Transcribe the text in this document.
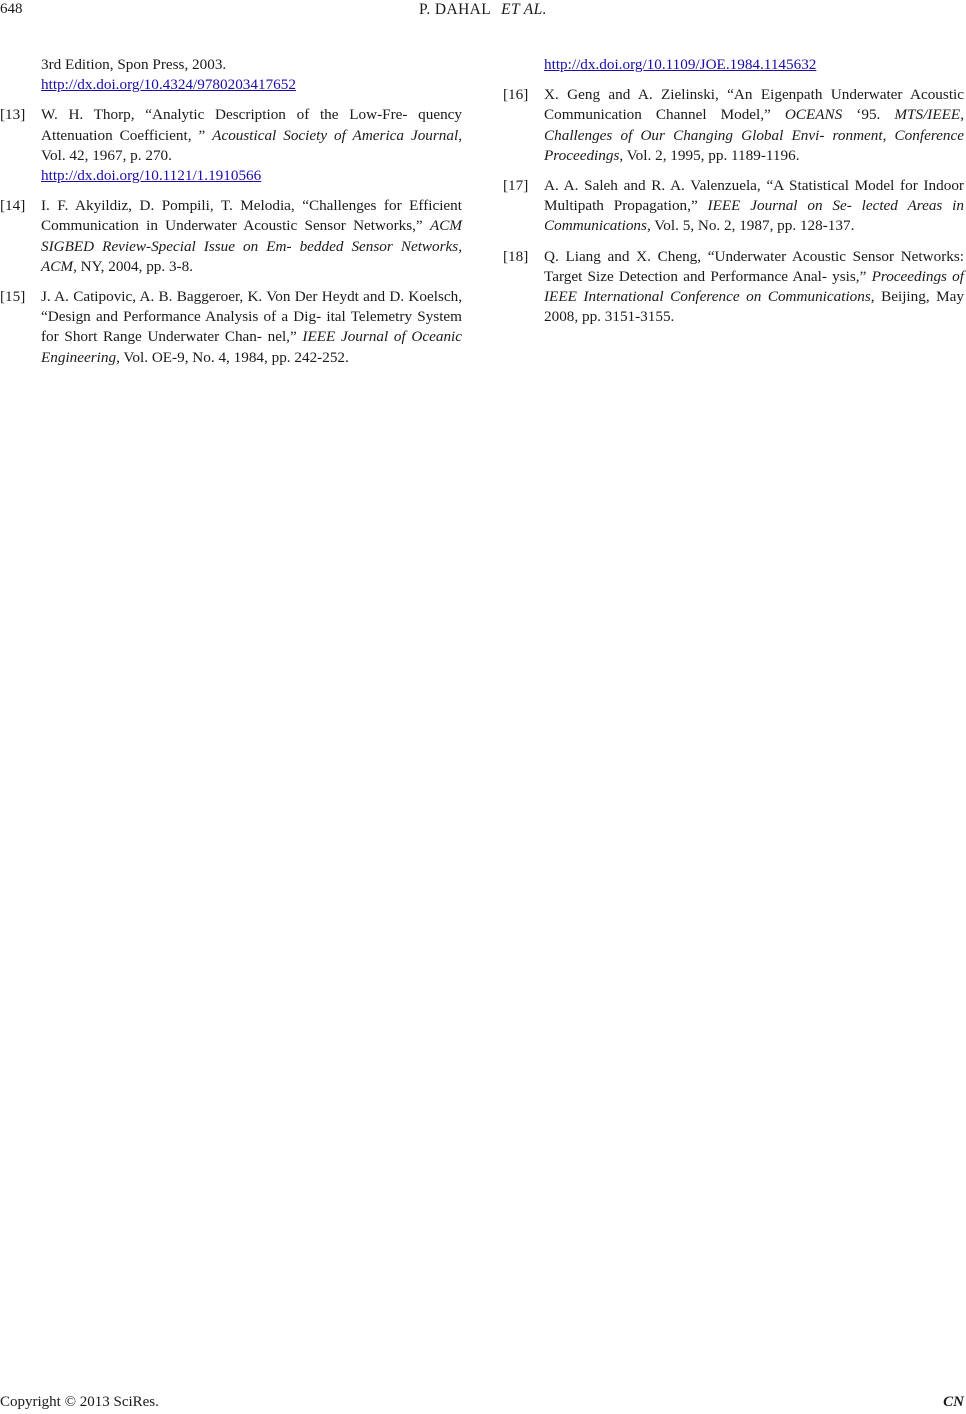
648	P. DAHAL ET AL.
3rd Edition, Spon Press, 2003.
http://dx.doi.org/10.4324/9780203417652
[13] W. H. Thorp, “Analytic Description of the Low-Fre- quency Attenuation Coefficient, ” Acoustical Society of America Journal, Vol. 42, 1967, p. 270.
http://dx.doi.org/10.1121/1.1910566
[14] I. F. Akyildiz, D. Pompili, T. Melodia, “Challenges for Efficient Communication in Underwater Acoustic Sensor Networks,” ACM SIGBED Review-Special Issue on Em- bedded Sensor Networks, ACM, NY, 2004, pp. 3-8.
[15] J. A. Catipovic, A. B. Baggeroer, K. Von Der Heydt and D. Koelsch, “Design and Performance Analysis of a Dig- ital Telemetry System for Short Range Underwater Chan- nel,” IEEE Journal of Oceanic Engineering, Vol. OE-9, No. 4, 1984, pp. 242-252.
http://dx.doi.org/10.1109/JOE.1984.1145632
[16] X. Geng and A. Zielinski, “An Eigenpath Underwater Acoustic Communication Channel Model,” OCEANS ‘95. MTS/IEEE, Challenges of Our Changing Global Envi- ronment, Conference Proceedings, Vol. 2, 1995, pp. 1189-1196.
[17] A. A. Saleh and R. A. Valenzuela, “A Statistical Model for Indoor Multipath Propagation,” IEEE Journal on Se- lected Areas in Communications, Vol. 5, No. 2, 1987, pp. 128-137.
[18] Q. Liang and X. Cheng, “Underwater Acoustic Sensor Networks: Target Size Detection and Performance Anal- ysis,” Proceedings of IEEE International Conference on Communications, Beijing, May 2008, pp. 3151-3155.
Copyright © 2013 SciRes.	CN
